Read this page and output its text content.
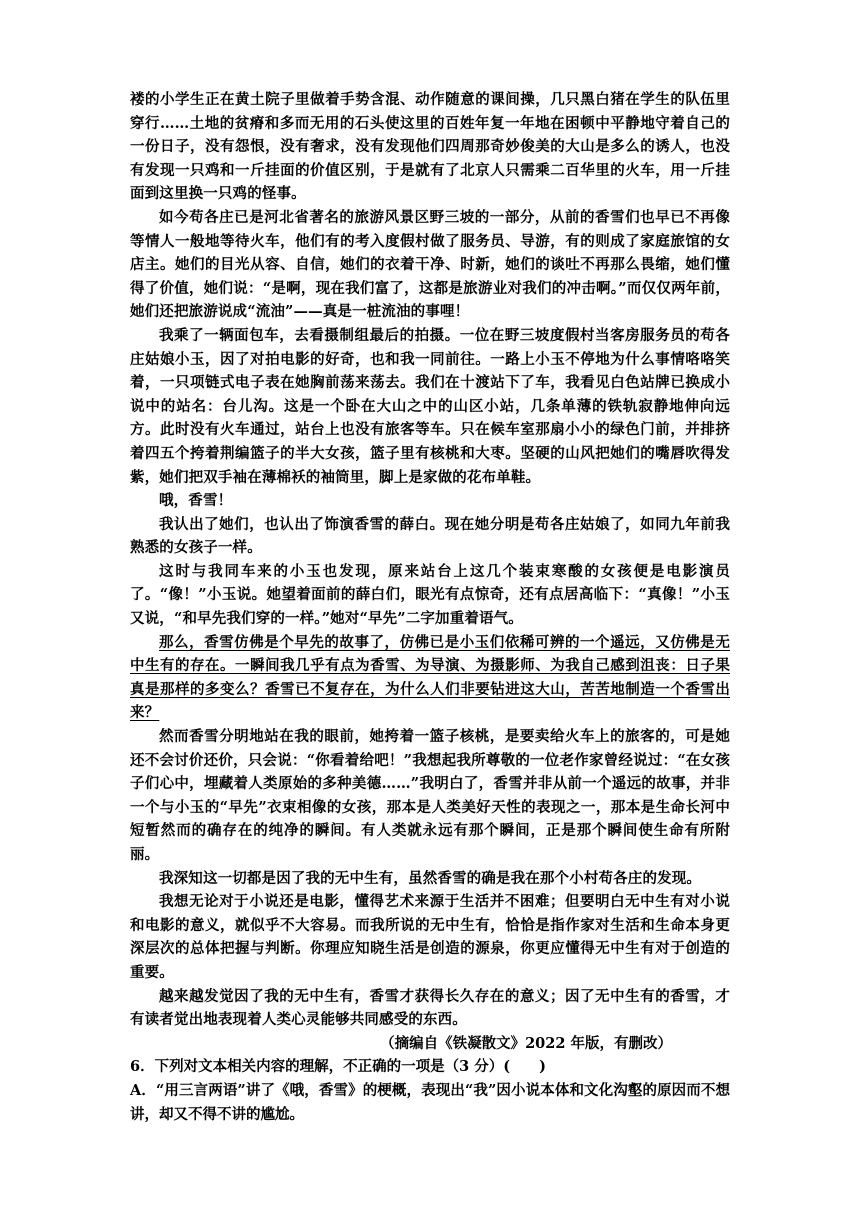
褛的小学生正在黄土院子里做着手势含混、动作随意的课间操，几只黑白猪在学生的队伍里穿行……土地的贫瘠和多而无用的石头使这里的百姓年复一年地在困顿中平静地守着自己的一份日子，没有怨恨，没有奢求，没有发现他们四周那奇妙俊美的大山是多么的诱人，也没有发现一只鸡和一斤挂面的价值区别，于是就有了北京人只需乘二百华里的火车，用一斤挂面到这里换一只鸡的怪事。

如今苟各庄已是河北省著名的旅游风景区野三坡的一部分，从前的香雪们也早已不再像等情人一般地等待火车，他们有的考入度假村做了服务员、导游，有的则成了家庭旅馆的女店主。她们的目光从容、自信，她们的衣着干净、时新，她们的谈吐不再那么畏缩，她们懂得了价值，她们说：“是啊，现在我们富了，这都是旅游业对我们的冲击啊。”而仅仅两年前，她们还把旅游说成“流油”——真是一桩流油的事哩！

我乘了一辆面包车，去看摄制组最后的拍摄。一位在野三坡度假村当客房服务员的苟各庄姑娘小玉，因了对拍电影的好奇，也和我一同前往。一路上小玉不停地为什么事情咯咯笑着，一只项链式电子表在她胸前荡来荡去。我们在十渡站下了车，我看见白色站牌已换成小说中的站名：台儿沟。这是一个卧在大山之中的山区小站，几条单薄的铁轨寂静地伸向远方。此时没有火车通过，站台上也没有旅客等车。只在候车室那扇小小的绿色门前，并排挤着四五个挎着荆编篮子的半大女孩，篮子里有核桃和大枣。坚硬的山风把她们的嘴唇吹得发紫，她们把双手袖在薄棉袄的袖筒里，脚上是家做的花布单鞋。

哦，香雪！

我认出了她们，也认出了饰演香雪的薛白。现在她分明是苟各庄姑娘了，如同九年前我熟悉的女孩子一样。

这时与我同车来的小玉也发现，原来站台上这几个装束寒酸的女孩便是电影演员了。“像！”小玉说。她望着面前的薛白们，眼光有点惊奇，还有点居高临下：“真像！”小玉又说，“和早先我们穿的一样。”她对“早先”二字加重着语气。

那么，香雪仿佛是个早先的故事了，仿佛已是小玉们依稀可辨的一个遥远，又仿佛是无中生有的存在。一瞬间我几乎有点为香雪、为导演、为摄影师、为我自己感到沮丧：日子果真是那样的多变么？香雪已不复存在，为什么人们非要钻进这大山，苦苦地制造一个香雪出来？

然而香雪分明地站在我的眼前，她挎着一篮子核桃，是要卖给火车上的旅客的，可是她还不会讨价还价，只会说：“你看着给吧！”我想起我所尊敬的一位老作家曾经说过：“在女孩子们心中，埋藏着人类原始的多种美德……”我明白了，香雪并非从前一个遥远的故事，并非一个与小玉的“早先”衣束相像的女孩，那本是人类美好天性的表现之一，那本是生命长河中短暂然而的确存在的纯净的瞬间。有人类就永远有那个瞬间，正是那个瞬间使生命有所附丽。

我深知这一切都是因了我的无中生有，虽然香雪的确是我在那个小村苟各庄的发现。

我想无论对于小说还是电影，懂得艺术来源于生活并不困难；但要明白无中生有对小说和电影的意义，就似乎不大容易。而我所说的无中生有，恰恰是指作家对生活和生命本身更深层次的总体把握与判断。你理应知晓生活是创造的源泉，你更应懂得无中生有对于创造的重要。

越来越发觉因了我的无中生有，香雪才获得长久存在的意义；因了无中生有的香雪，才有读者觉出地表现着人类心灵能够共同感受的东西。

（摘编自《铁凝散文》2022 年版，有删改）

6．下列对文本相关内容的理解，不正确的一项是（3 分）(　　)

A．“用三言两语”讲了《哦，香雪》的梗概，表现出“我”因小说本体和文化沟壑的原因而不想讲，却又不得不讲的尴尬。
